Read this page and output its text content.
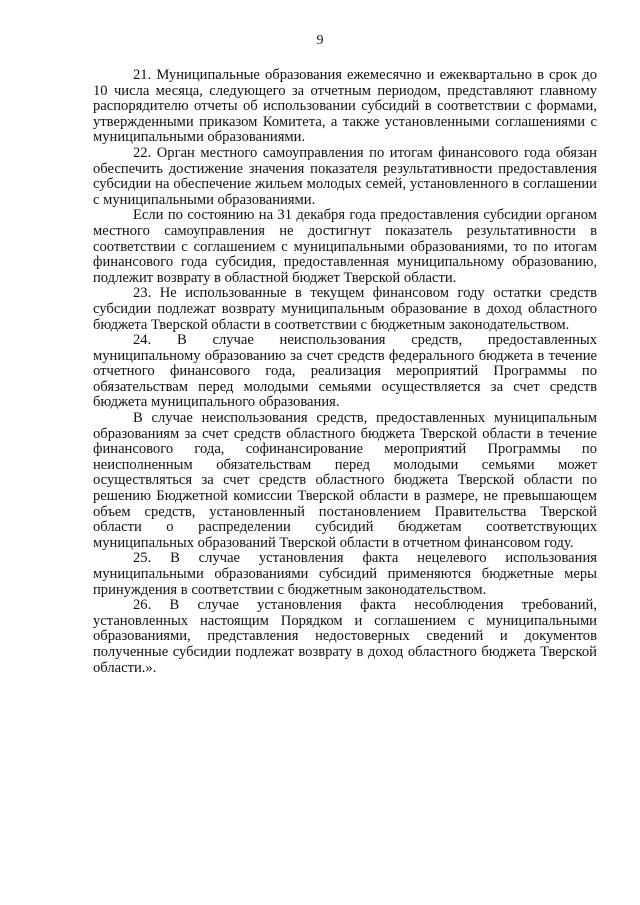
9

21. Муниципальные образования ежемесячно и ежеквартально в срок до 10 числа месяца, следующего за отчетным периодом, представляют главному распорядителю отчеты об использовании субсидий в соответствии с формами, утвержденными приказом Комитета, а также установленными соглашениями с муниципальными образованиями.

22. Орган местного самоуправления по итогам финансового года обязан обеспечить достижение значения показателя результативности предоставления субсидии на обеспечение жильем молодых семей, установленного в соглашении с муниципальными образованиями.

Если по состоянию на 31 декабря года предоставления субсидии органом местного самоуправления не достигнут показатель результативности в соответствии с соглашением с муниципальными образованиями, то по итогам финансового года субсидия, предоставленная муниципальному образованию, подлежит возврату в областной бюджет Тверской области.

23. Не использованные в текущем финансовом году остатки средств субсидии подлежат возврату муниципальным образование в доход областного бюджета Тверской области в соответствии с бюджетным законодательством.

24. В случае неиспользования средств, предоставленных муниципальному образованию за счет средств федерального бюджета в течение отчетного финансового года, реализация мероприятий Программы по обязательствам перед молодыми семьями осуществляется за счет средств бюджета муниципального образования.

В случае неиспользования средств, предоставленных муниципальным образованиям за счет средств областного бюджета Тверской области в течение финансового года, софинансирование мероприятий Программы по неисполненным обязательствам перед молодыми семьями может осуществляться за счет средств областного бюджета Тверской области по решению Бюджетной комиссии Тверской области в размере, не превышающем объем средств, установленный постановлением Правительства Тверской области о распределении субсидий бюджетам соответствующих муниципальных образований Тверской области в отчетном финансовом году.

25. В случае установления факта нецелевого использования муниципальными образованиями субсидий применяются бюджетные меры принуждения в соответствии с бюджетным законодательством.

26. В случае установления факта несоблюдения требований, установленных настоящим Порядком и соглашением с муниципальными образованиями, представления недостоверных сведений и документов полученные субсидии подлежат возврату в доход областного бюджета Тверской области.».
